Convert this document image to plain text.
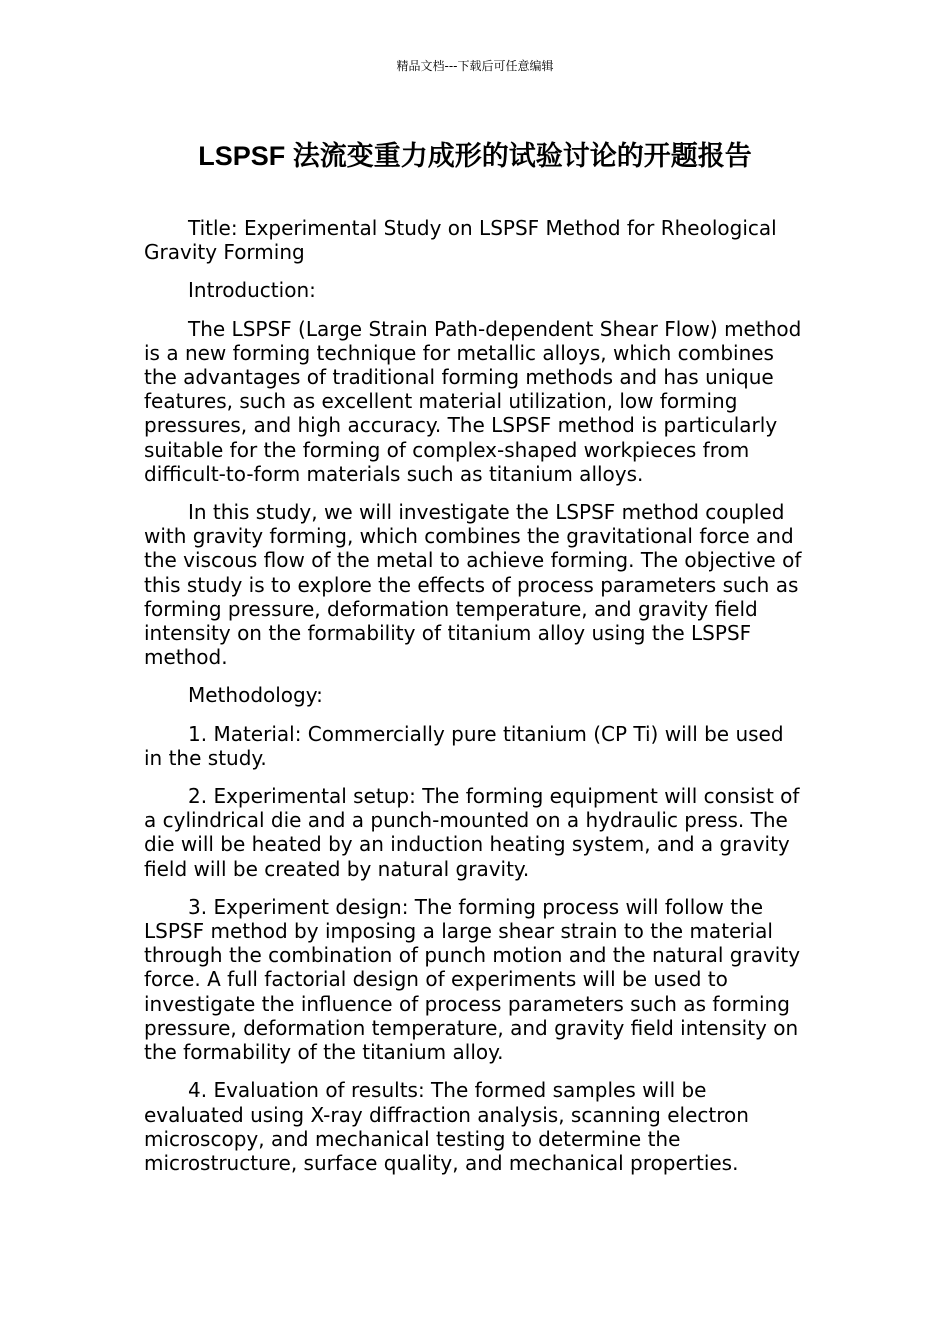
精品文档---下载后可任意编辑
LSPSF 法流变重力成形的试验讨论的开题报告

Title: Experimental Study on LSPSF Method for Rheological Gravity Forming

Introduction:

The LSPSF (Large Strain Path-dependent Shear Flow) method is a new forming technique for metallic alloys, which combines the advantages of traditional forming methods and has unique features, such as excellent material utilization, low forming pressures, and high accuracy. The LSPSF method is particularly suitable for the forming of complex-shaped workpieces from difficult-to-form materials such as titanium alloys.

In this study, we will investigate the LSPSF method coupled with gravity forming, which combines the gravitational force and the viscous flow of the metal to achieve forming. The objective of this study is to explore the effects of process parameters such as forming pressure, deformation temperature, and gravity field intensity on the formability of titanium alloy using the LSPSF method.

Methodology:

1. Material: Commercially pure titanium (CP Ti) will be used in the study.

2. Experimental setup: The forming equipment will consist of a cylindrical die and a punch-mounted on a hydraulic press. The die will be heated by an induction heating system, and a gravity field will be created by natural gravity.

3. Experiment design: The forming process will follow the LSPSF method by imposing a large shear strain to the material through the combination of punch motion and the natural gravity force. A full factorial design of experiments will be used to investigate the influence of process parameters such as forming pressure, deformation temperature, and gravity field intensity on the formability of the titanium alloy.

4. Evaluation of results: The formed samples will be evaluated using X-ray diffraction analysis, scanning electron microscopy, and mechanical testing to determine the microstructure, surface quality, and mechanical properties.
